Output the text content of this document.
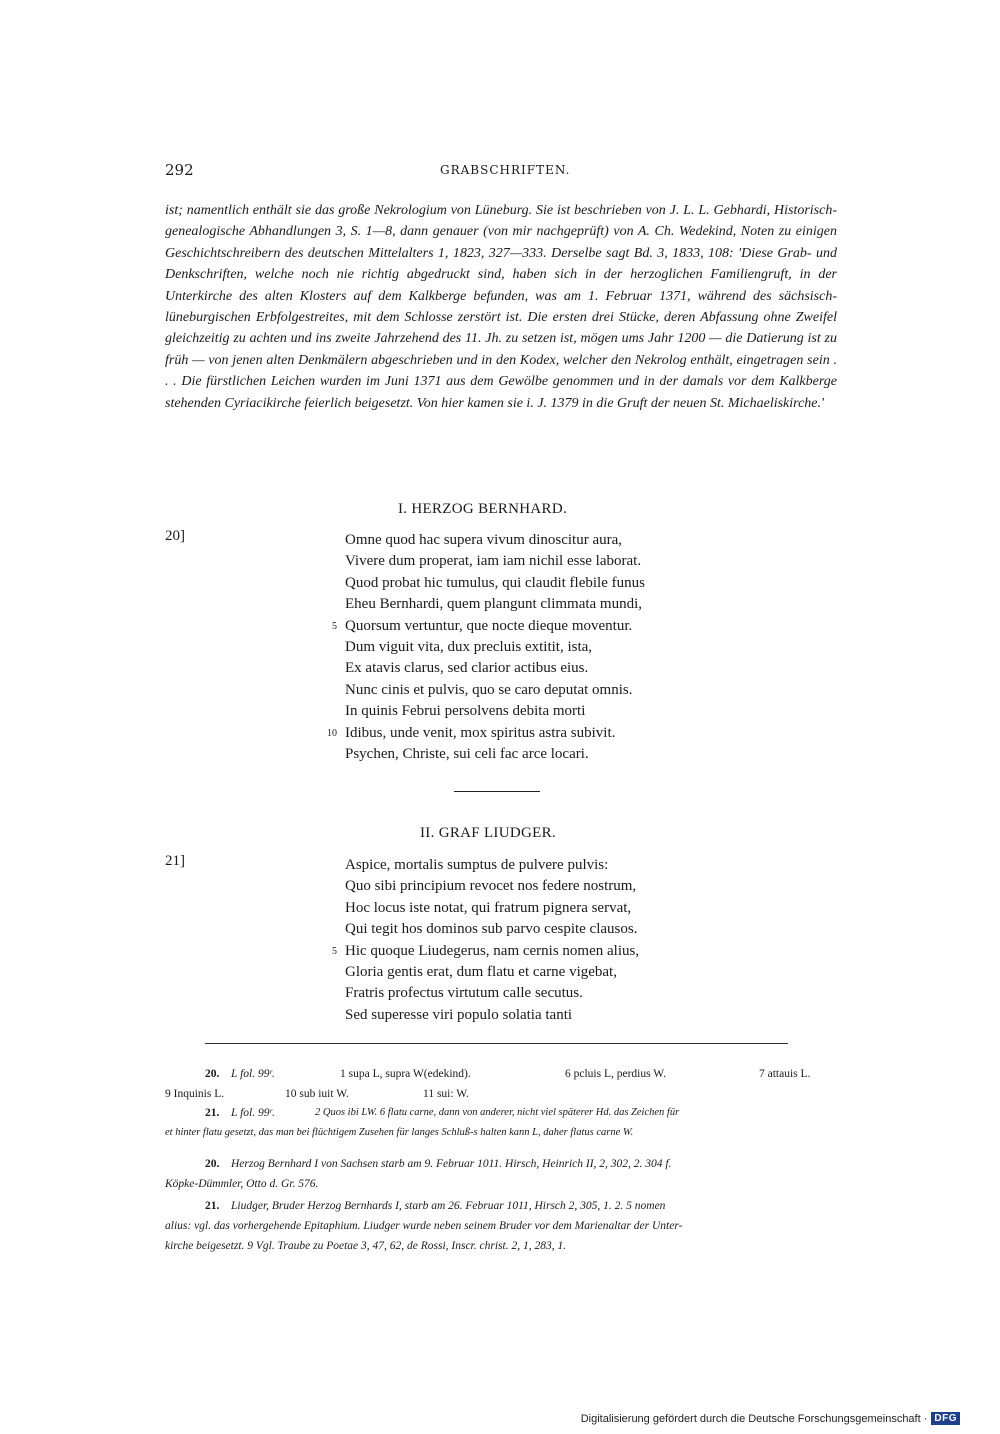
292	GRABSCHRIFTEN.

ist; namentlich enthält sie das große Nekrologium von Lüneburg. Sie ist beschrieben von J. L. L. Gebhardi, Historisch-genealogische Abhandlungen 3, S. 1—8, dann genauer (von mir nachgeprüft) von A. Ch. Wedekind, Noten zu einigen Geschichtschreibern des deutschen Mittelalters 1, 1823, 327—333. Derselbe sagt Bd. 3, 1833, 108: 'Diese Grab- und Denkschriften, welche noch nie richtig abgedruckt sind, haben sich in der herzoglichen Familiengruft, in der Unterkirche des alten Klosters auf dem Kalkberge befunden, was am 1. Februar 1371, während des sächsisch-lüneburgischen Erbfolgestreites, mit dem Schlosse zerstört ist. Die ersten drei Stücke, deren Abfassung ohne Zweifel gleichzeitig zu achten und ins zweite Jahrzehend des 11. Jh. zu setzen ist, mögen ums Jahr 1200 — die Datierung ist zu früh — von jenen alten Denkmälern abgeschrieben und in den Kodex, welcher den Nekrolog enthält, eingetragen sein . . . Die fürstlichen Leichen wurden im Juni 1371 aus dem Gewölbe genommen und in der damals vor dem Kalkberge stehenden Cyriacikirche feierlich beigesetzt. Von hier kamen sie i. J. 1379 in die Gruft der neuen St. Michaeliskirche.'

I. HERZOG BERNHARD.
20]	Omne quod hac supera vivum dinoscitur aura,
Vivere dum properat, iam iam nichil esse laborat.
Quod probat hic tumulus, qui claudit flebile funus
Eheu Bernhardi, quem plangunt climmata mundi,
5 Quorsum vertuntur, que nocte dieque moventur.
Dum viguit vita, dux precluis extitit, ista,
Ex atavis clarus, sed clarior actibus eius.
Nunc cinis et pulvis, quo se caro deputat omnis.
In quinis Februi persolvens debita morti
10 Idibus, unde venit, mox spiritus astra subivit.
Psychen, Christe, sui celi fac arce locari.
II. GRAF LIUDGER.
21]	Aspice, mortalis sumptus de pulvere pulvis:
Quo sibi principium revocet nos federe nostrum,
Hoc locus iste notat, qui fratrum pignera servat,
Qui tegit hos dominos sub parvo cespite clausos.
5 Hic quoque Liudegerus, nam cernis nomen alius,
Gloria gentis erat, dum flatu et carne vigebat,
Fratris profectus virtutum calle secutus.
Sed superesse viri populo solatia tanti
20. L fol. 99ʳ.	1 supa L, supra W(edekind).	6 pcluis L, perdius W.	7 attauis L.
9 Inquinis L.	10 sub iuit W.	11 sui: W.
21. L fol. 99ʳ.	2 Quos ibi LW. 6 flatu carne, dann von anderer, nicht viel späterer Hd. das Zeichen für
et hinter flatu gesetzt, das man bei flüchtigem Zusehen für langes Schluß-s halten kann L, daher flatus carne W.
20. Herzog Bernhard I von Sachsen starb am 9. Februar 1011. Hirsch, Heinrich II, 2, 302, 2. 304 f.
Köpke-Dümmler, Otto d. Gr. 576.
21. Liudger, Bruder Herzog Bernhards I, starb am 26. Februar 1011, Hirsch 2, 305, 1. 2. 5 nomen
alius: vgl. das vorhergehende Epitaphium. Liudger wurde neben seinem Bruder vor dem Marienaltar der Unter-
kirche beigesetzt. 9 Vgl. Traube zu Poetae 3, 47, 62, de Rossi, Inscr. christ. 2, 1, 283, 1.
Digitalisierung gefördert durch die Deutsche Forschungsgemeinschaft · DFG
